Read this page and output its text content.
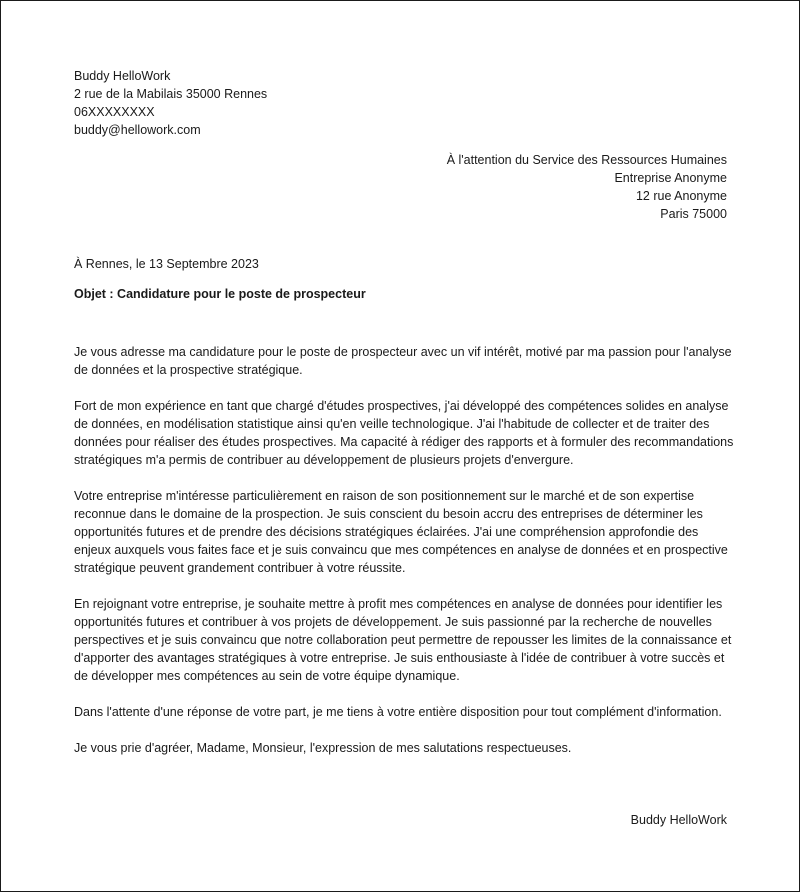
Buddy HelloWork
2 rue de la Mabilais 35000 Rennes
06XXXXXXXX
buddy@hellowork.com
À l'attention du Service des Ressources Humaines
Entreprise Anonyme
12 rue Anonyme
Paris 75000
À Rennes, le 13 Septembre 2023
Objet : Candidature pour le poste de prospecteur

Je vous adresse ma candidature pour le poste de prospecteur avec un vif intérêt, motivé par ma passion pour l'analyse de données et la prospective stratégique.

Fort de mon expérience en tant que chargé d'études prospectives, j'ai développé des compétences solides en analyse de données, en modélisation statistique ainsi qu'en veille technologique. J'ai l'habitude de collecter et de traiter des données pour réaliser des études prospectives. Ma capacité à rédiger des rapports et à formuler des recommandations stratégiques m'a permis de contribuer au développement de plusieurs projets d'envergure.

Votre entreprise m'intéresse particulièrement en raison de son positionnement sur le marché et de son expertise reconnue dans le domaine de la prospection. Je suis conscient du besoin accru des entreprises de déterminer les opportunités futures et de prendre des décisions stratégiques éclairées. J'ai une compréhension approfondie des enjeux auxquels vous faites face et je suis convaincu que mes compétences en analyse de données et en prospective stratégique peuvent grandement contribuer à votre réussite.

En rejoignant votre entreprise, je souhaite mettre à profit mes compétences en analyse de données pour identifier les opportunités futures et contribuer à vos projets de développement. Je suis passionné par la recherche de nouvelles perspectives et je suis convaincu que notre collaboration peut permettre de repousser les limites de la connaissance et d'apporter des avantages stratégiques à votre entreprise. Je suis enthousiaste à l'idée de contribuer à votre succès et de développer mes compétences au sein de votre équipe dynamique.

Dans l'attente d'une réponse de votre part, je me tiens à votre entière disposition pour tout complément d'information.

Je vous prie d'agréer, Madame, Monsieur, l'expression de mes salutations respectueuses.

Buddy HelloWork
